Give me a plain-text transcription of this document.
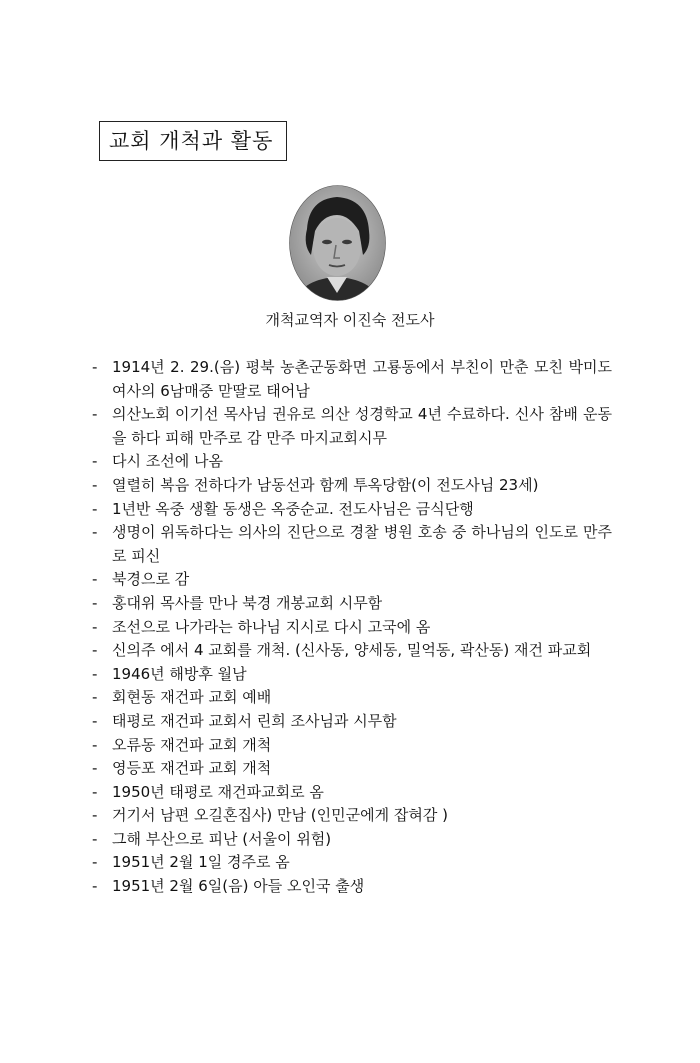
교회 개척과 활동
개척교역자 이진숙 전도사
- 1914년 2. 29.(음) 평북 농촌군동화면 고룡동에서 부친이 만춘 모친 박미도여사의 6남매중 맏딸로 태어남
- 의산노회 이기선 목사님 권유로 의산 성경학교 4년 수료하다. 신사 참배 운동을 하다 피해 만주로 감 만주 마지교회시무
- 다시 조선에 나옴
- 열렬히 복음 전하다가 남동선과 함께 투옥당함(이 전도사님 23세)
- 1년반 옥중 생활 동생은 옥중순교. 전도사님은 금식단행
- 생명이 위독하다는 의사의 진단으로 경찰 병원 호송 중 하나님의 인도로 만주로 피신
- 북경으로 감
- 홍대위 목사를 만나 북경 개봉교회 시무함
- 조선으로 나가라는 하나님 지시로 다시 고국에 옴
- 신의주 에서 4 교회를 개척. (신사동, 양세동, 밀억동, 곽산동) 재건 파교회
- 1946년 해방후 월남
- 회현동 재건파 교회 예배
- 태평로 재건파 교회서 린희 조사님과 시무함
- 오류동 재건파 교회 개척
- 영등포 재건파 교회 개척
- 1950년 태평로 재건파교회로 옴
- 거기서 남편 오길혼집사) 만남 (인민군에게 잡혀감 )
- 그해 부산으로 피난 (서울이 위험)
- 1951년 2월 1일 경주로 옴
- 1951년 2월 6일(음) 아들 오인국 출생
